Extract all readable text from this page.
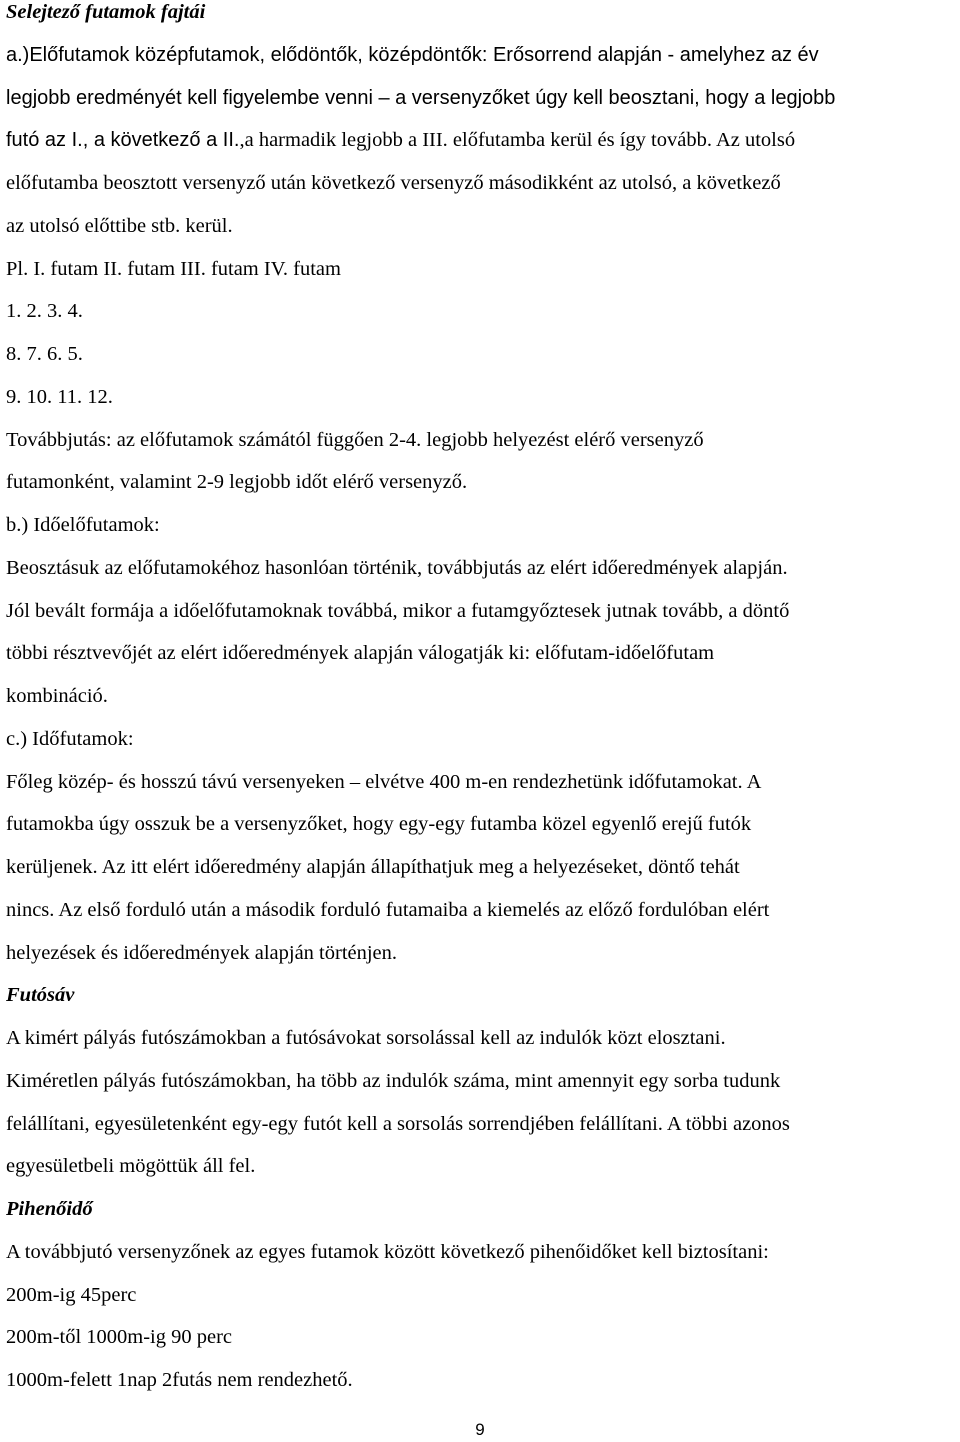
Selejtező futamok fajtái
a.)Előfutamok középfutamok, elődöntők, középdöntők: Erősorrend alapján - amelyhez az év
legjobb eredményét kell figyelembe venni – a versenyzőket úgy kell beosztani, hogy a legjobb
futó az I., a következő a II.,a harmadik legjobb a III. előfutamba kerül és így tovább. Az utolsó
előfutamba beosztott versenyző után következő versenyző másodikként az utolsó, a következő
az utolsó előttibe stb. kerül.
Pl. I. futam II. futam III. futam IV. futam
1. 2. 3. 4.
8. 7. 6. 5.
9. 10. 11. 12.
Továbbjutás: az előfutamok számától függően 2-4. legjobb helyezést elérő versenyző
futamonként, valamint 2-9 legjobb időt elérő versenyző.
b.) Időelőfutamok:
Beosztásuk az előfutamokéhoz hasonlóan történik, továbbjutás az elért időeredmények alapján.
Jól bevált formája a időelőfutamoknak továbbá, mikor a futamgyőztesek jutnak tovább, a döntő
többi résztvevőjét az elért időeredmények alapján válogatják ki: előfutam-időelőfutam
kombináció.
c.) Időfutamok:
Főleg közép- és hosszú távú versenyeken – elvétve 400 m-en rendezhetünk időfutamokat. A
futamokba úgy osszuk be a versenyzőket, hogy egy-egy futamba közel egyenlő erejű futók
kerüljenek. Az itt elért időeredmény alapján állapíthatjuk meg a helyezéseket, döntő tehát
nincs. Az első forduló után a második forduló futamaiba a kiemelés az előző fordulóban elért
helyezések és időeredmények alapján történjen.
Futósáv
A kimért pályás futószámokban a futósávokat sorsolással kell az indulók közt elosztani.
Kiméretlen pályás futószámokban, ha több az indulók száma, mint amennyit egy sorba tudunk
felállítani, egyesületenként egy-egy futót kell a sorsolás sorrendjében felállítani. A többi azonos
egyesületbeli mögöttük áll fel.
Pihenőidő
A továbbjutó versenyzőnek az egyes futamok között következő pihenőidőket kell biztosítani:
200m-ig 45perc
200m-től 1000m-ig 90 perc
1000m-felett 1nap 2futás nem rendezhető.
9
